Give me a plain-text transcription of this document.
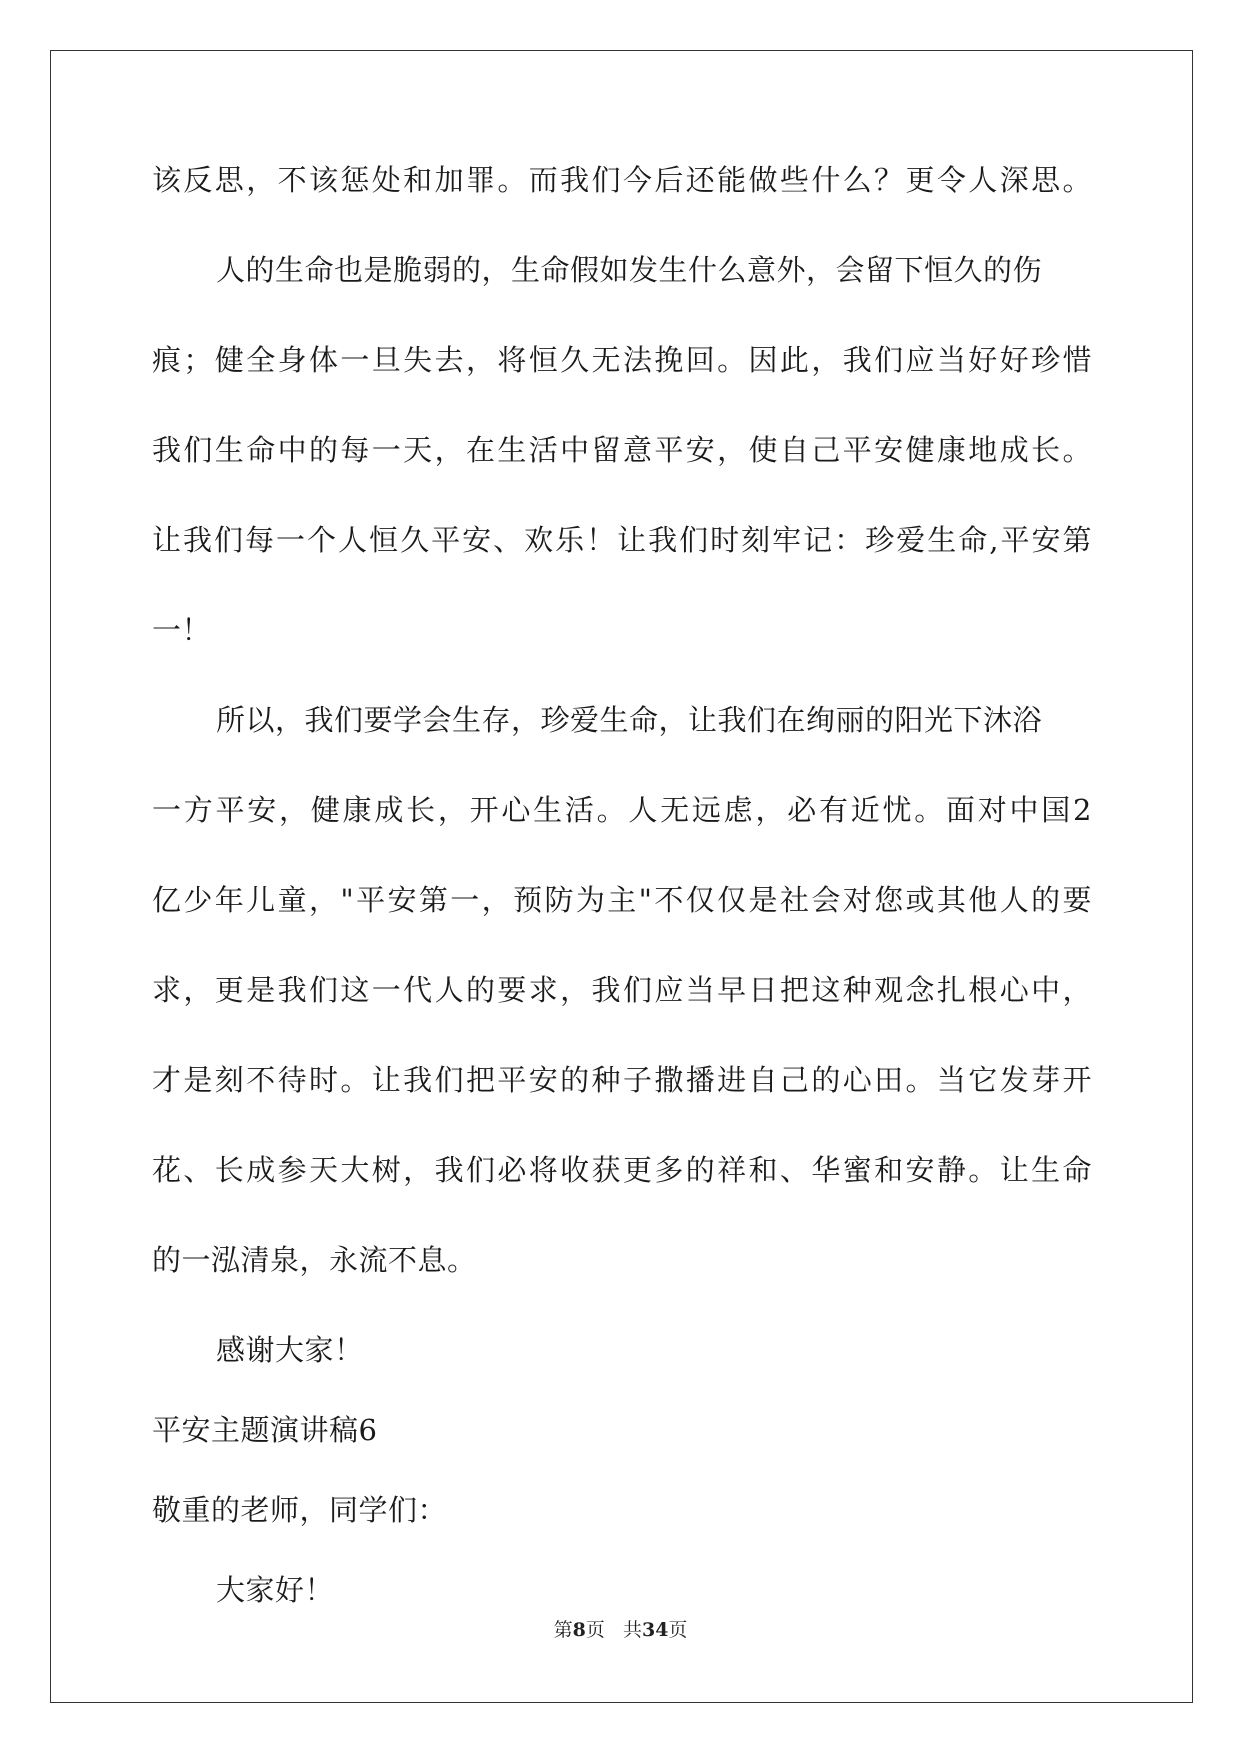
该反思，不该惩处和加罪。而我们今后还能做些什么？更令人深思。
人的生命也是脆弱的，生命假如发生什么意外，会留下恒久的伤
痕；健全身体一旦失去，将恒久无法挽回。因此，我们应当好好珍惜
我们生命中的每一天，在生活中留意平安，使自己平安健康地成长。
让我们每一个人恒久平安、欢乐！让我们时刻牢记：珍爱生命,平安第
一！
所以，我们要学会生存，珍爱生命，让我们在绚丽的阳光下沐浴
一方平安，健康成长，开心生活。人无远虑，必有近忧。面对中国2
亿少年儿童，"平安第一，预防为主"不仅仅是社会对您或其他人的要
求，更是我们这一代人的要求，我们应当早日把这种观念扎根心中，
才是刻不待时。让我们把平安的种子撒播进自己的心田。当它发芽开
花、长成参天大树，我们必将收获更多的祥和、华蜜和安静。让生命
的一泓清泉，永流不息。
感谢大家！
平安主题演讲稿6
敬重的老师，同学们：
大家好！
第8页 共34页
